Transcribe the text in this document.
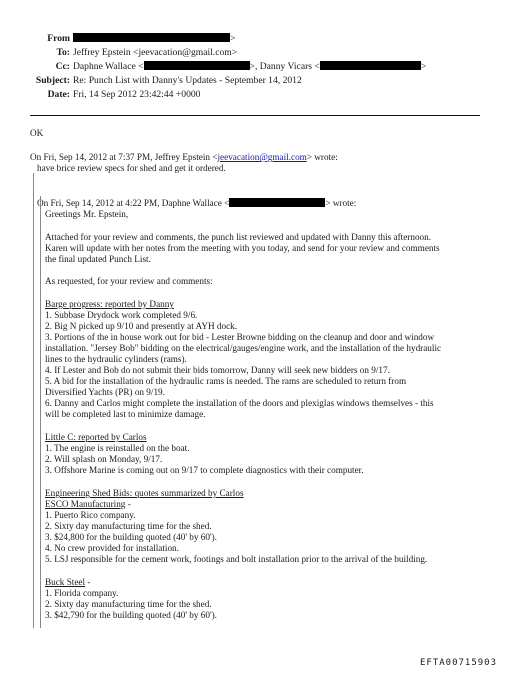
From	>
To: Jeffrey Epstein <jeevacation@gmail.com>
Cc: Daphne Wallace <	>, Danny Vicars <	>
Subject: Re: Punch List with Danny's Updates - September 14, 2012
Date: Fri, 14 Sep 2012 23:42:44 +0000
OK
On Fri, Sep 14, 2012 at 7:37 PM, Jeffrey Epstein <jeevacation@gmail.com> wrote:
have brice review specs for shed and get it ordered.
On Fri, Sep 14, 2012 at 4:22 PM, Daphne Wallace <	> wrote:
Greetings Mr. Epstein,
Attached for your review and comments, the punch list reviewed and updated with Danny this afternoon.
Karen will update with her notes from the meeting with you today, and send for your review and comments
the final updated Punch List.
As requested, for your review and comments:
Barge progress: reported by Danny
1. Subbase Drydock work completed 9/6.
2. Big N picked up 9/10 and presently at AYH dock.
3. Portions of the in house work out for bid - Lester Browne bidding on the cleanup and door and window
installation. "Jersey Bob" bidding on the electrical/gauges/engine work, and the installation of the hydraulic
lines to the hydraulic cylinders (rams).
4. If Lester and Bob do not submit their bids tomorrow, Danny will seek new bidders on 9/17.
5. A bid for the installation of the hydraulic rams is needed. The rams are scheduled to return from
Diversified Yachts (PR) on 9/19.
6. Danny and Carlos might complete the installation of the doors and plexiglas windows themselves - this
will be completed last to minimize damage.
Little C: reported by Carlos
1. The engine is reinstalled on the boat.
2. Will splash on Monday, 9/17.
3. Offshore Marine is coming out on 9/17 to complete diagnostics with their computer.
Engineering Shed Bids: quotes summarized by Carlos
ESCO Manufacturing -
1. Puerto Rico company.
2. Sixty day manufacturing time for the shed.
3. $24,800 for the building quoted (40' by 60').
4. No crew provided for installation.
5. LSJ responsible for the cement work, footings and bolt installation prior to the arrival of the building.
Buck Steel -
1. Florida company.
2. Sixty day manufacturing time for the shed.
3. $42,790 for the building quoted (40' by 60').
EFTA00715903
